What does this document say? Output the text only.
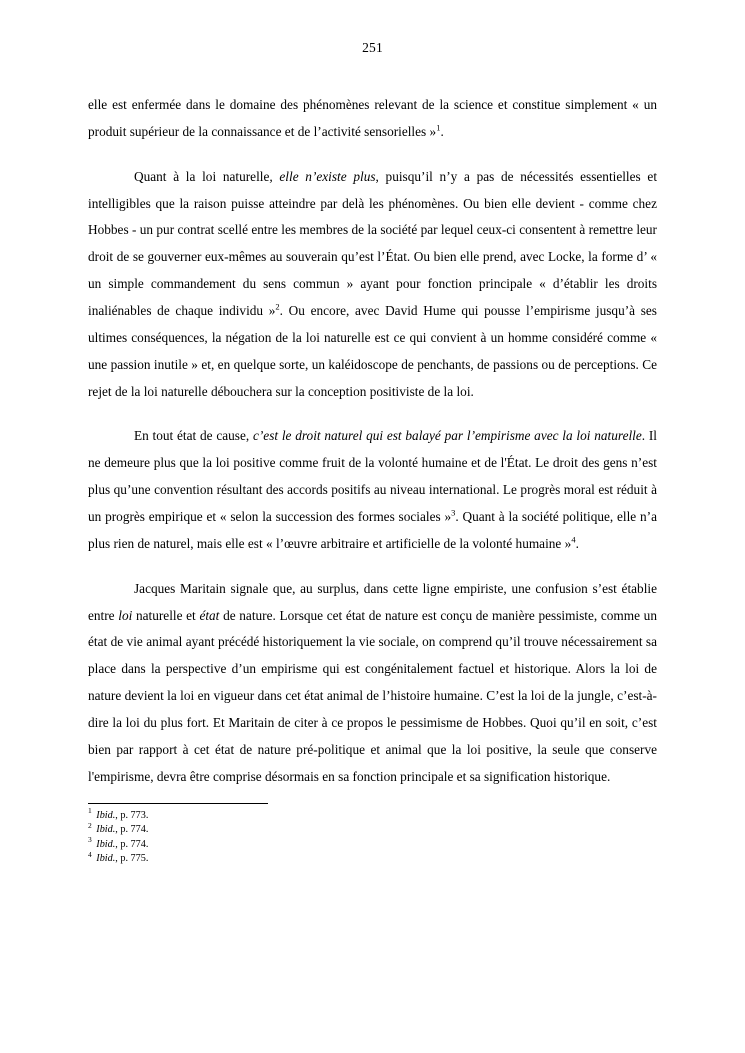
251

elle est enfermée dans le domaine des phénomènes relevant de la science et constitue simplement « un produit supérieur de la connaissance et de l’activité sensorielles »$^1$.

Quant à la loi naturelle, elle n’existe plus, puisqu’il n’y a pas de nécessités essentielles et intelligibles que la raison puisse atteindre par delà les phénomènes. Ou bien elle devient - comme chez Hobbes - un pur contrat scellé entre les membres de la société par lequel ceux-ci consentent à remettre leur droit de se gouverner eux-mêmes au souverain qu’est l’État. Ou bien elle prend, avec Locke, la forme d’ « un simple commandement du sens commun » ayant pour fonction principale « d’établir les droits inaliénables de chaque individu »$^2$. Ou encore, avec David Hume qui pousse l’empirisme jusqu’à ses ultimes conséquences, la négation de la loi naturelle est ce qui convient à un homme considéré comme « une passion inutile » et, en quelque sorte, un kaléidoscope de penchants, de passions ou de perceptions. Ce rejet de la loi naturelle débouchera sur la conception positiviste de la loi.

En tout état de cause, c’est le droit naturel qui est balayé par l’empirisme avec la loi naturelle. Il ne demeure plus que la loi positive comme fruit de la volonté humaine et de l'État. Le droit des gens n’est plus qu’une convention résultant des accords positifs au niveau international. Le progrès moral est réduit à un progrès empirique et « selon la succession des formes sociales »$^3$. Quant à la société politique, elle n’a plus rien de naturel, mais elle est « l’œuvre arbitraire et artificielle de la volonté humaine »$^4$.

Jacques Maritain signale que, au surplus, dans cette ligne empiriste, une confusion s’est établie entre loi naturelle et état de nature. Lorsque cet état de nature est conçu de manière pessimiste, comme un état de vie animal ayant précédé historiquement la vie sociale, on comprend qu’il trouve nécessairement sa place dans la perspective d’un empirisme qui est congénitalement factuel et historique. Alors la loi de nature devient la loi en vigueur dans cet état animal de l’histoire humaine. C’est la loi de la jungle, c’est-à-dire la loi du plus fort. Et Maritain de citer à ce propos le pessimisme de Hobbes. Quoi qu’il en soit, c’est bien par rapport à cet état de nature pré-politique et animal que la loi positive, la seule que conserve l'empirisme, devra être comprise désormais en sa fonction principale et sa signification historique.

$^1$ Ibid., p. 773.
$^2$ Ibid., p. 774.
$^3$ Ibid., p. 774.
$^4$ Ibid., p. 775.
